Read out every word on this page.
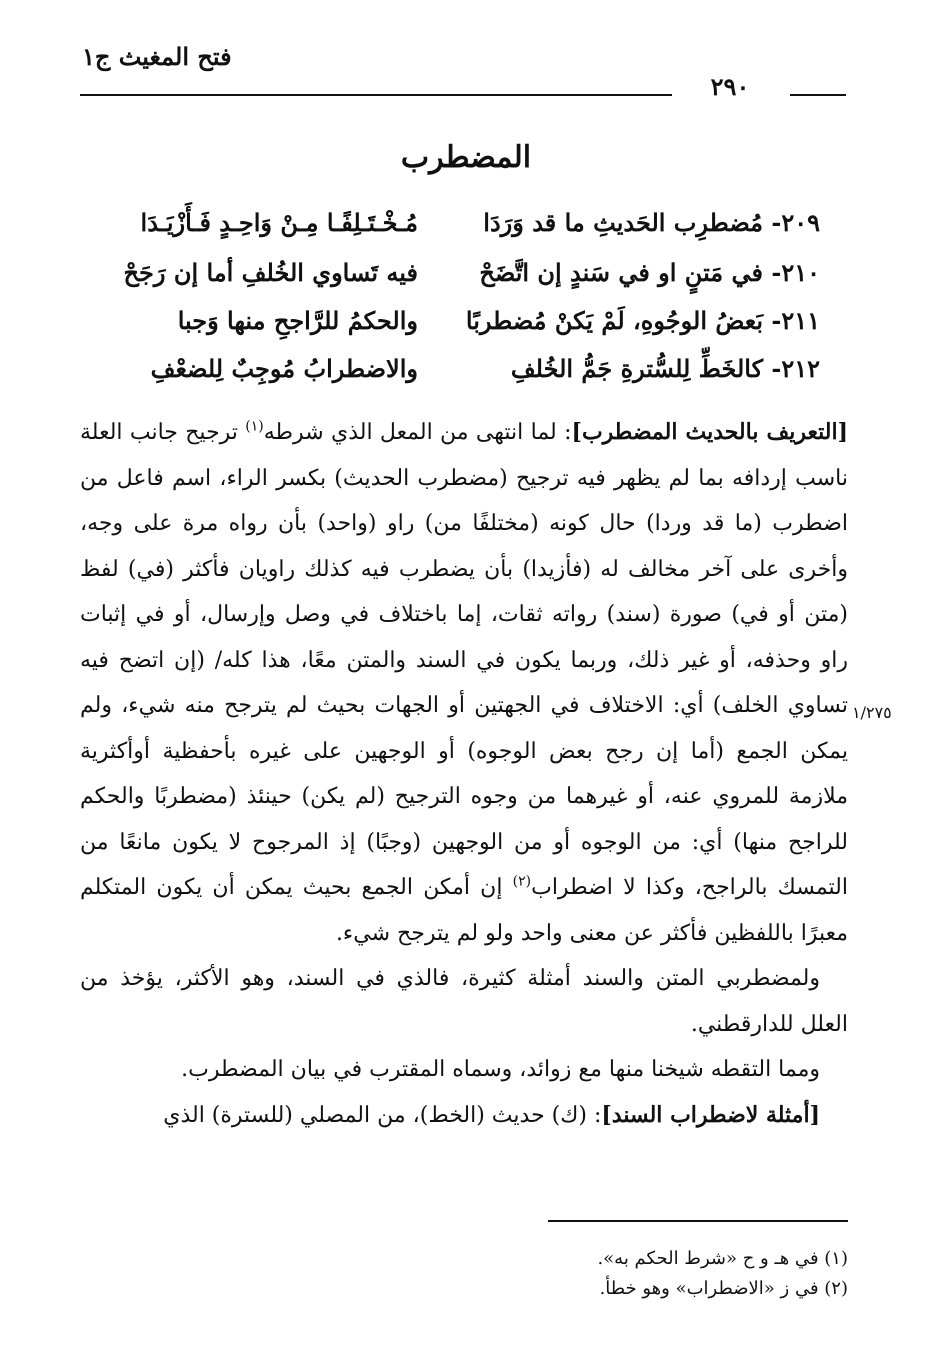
فتح المغيث ج١
٢٩٠
المضطرب
٢٠٩- مُضطرِب الحَديثِ ما قد وَرَدَا
مُـخْـتَـلِفًـا مِـنْ وَاحِـدٍ فَـأَزْيَـدَا
٢١٠- في مَتنٍ او في سَندٍ إن اتَّضَحْ
فيه تَساوي الخُلفِ أما إن رَجَحْ
٢١١- بَعضُ الوجُوهِ، لَمْ يَكنْ مُضطربًا
والحكمُ للرَّاجحِ منها وَجبا
٢١٢- كالخَطِّ لِلسُّترةِ جَمُّ الخُلفِ
والاضطرابُ مُوجِبٌ لِلضعْفِ

[التعريف بالحديث المضطرب]: لما انتهى من المعل الذي شرطه$^{(١)}$ ترجيح جانب العلة ناسب إردافه بما لم يظهر فيه ترجيح (مضطرب الحديث) بكسر الراء، اسم فاعل من اضطرب (ما قد وردا) حال كونه (مختلفًا من) راو (واحد) بأن رواه مرة على وجه، وأخرى على آخر مخالف له (فأزيدا) بأن يضطرب فيه كذلك راويان فأكثر (في) لفظ (متن أو في) صورة (سند) رواته ثقات، إما باختلاف في وصل وإرسال، أو في إثبات راو وحذفه، أو غير ذلك، وربما يكون في السند والمتن معًا، هذا كله/ (إن اتضح فيه تساوي الخلف) أي: الاختلاف في الجهتين أو الجهات بحيث لم يترجح منه شيء، ولم يمكن الجمع (أما إن رجح بعض الوجوه) أو الوجهين على غيره بأحفظية أوأكثرية ملازمة للمروي عنه، أو غيرهما من وجوه الترجيح (لم يكن) حينئذ (مضطربًا والحكم للراجح منها) أي: من الوجوه أو من الوجهين (وجبًا) إذ المرجوح لا يكون مانعًا من التمسك بالراجح، وكذا لا اضطراب$^{(٢)}$ إن أمكن الجمع بحيث يمكن أن يكون المتكلم معبرًا باللفظين فأكثر عن معنى واحد ولو لم يترجح شيء.

ولمضطربي المتن والسند أمثلة كثيرة، فالذي في السند، وهو الأكثر، يؤخذ من العلل للدارقطني.

ومما التقطه شيخنا منها مع زوائد، وسماه المقترب في بيان المضطرب.

[أمثلة لاضطراب السند]: (ك) حديث (الخط)، من المصلي (للسترة) الذي

١/٢٧٥
(١) في هـ و ح «شرط الحكم به».
(٢) في ز «الاضطراب» وهو خطأ.
